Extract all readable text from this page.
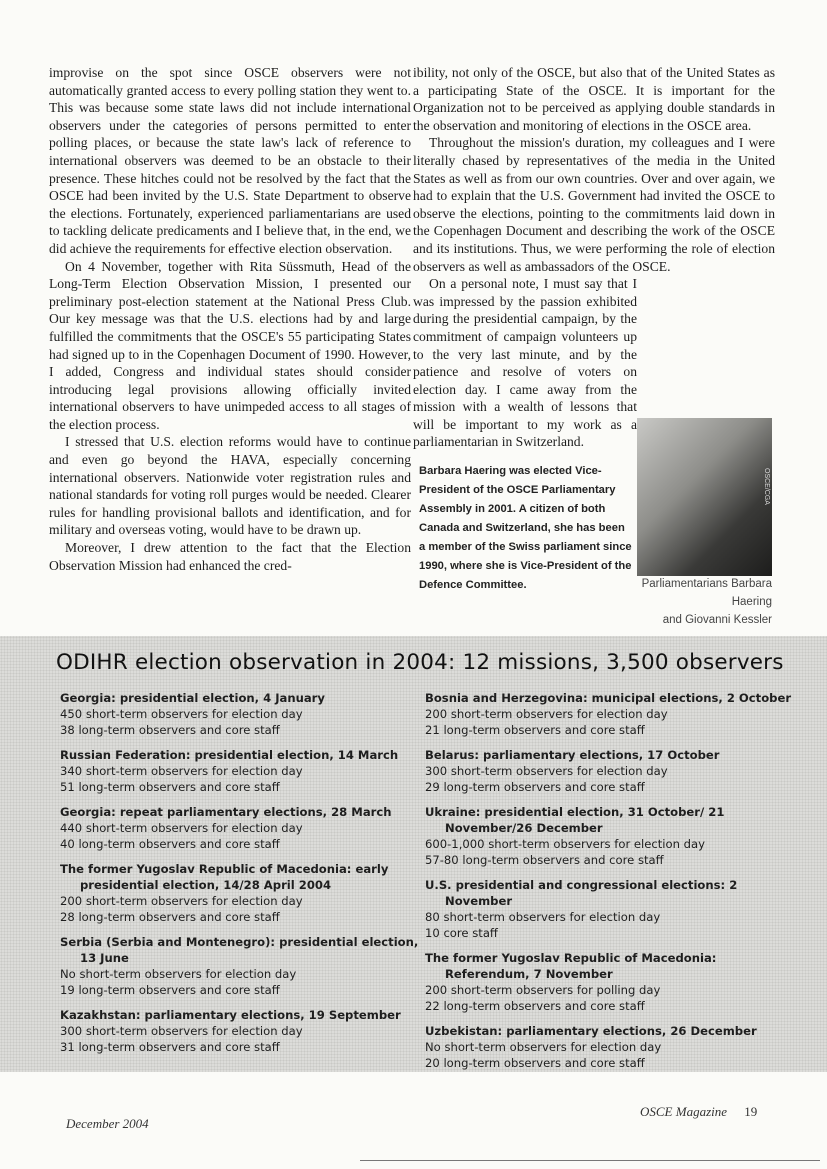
improvise on the spot since OSCE observers were not automatically granted access to every polling station they went to. This was because some state laws did not include international observers under the categories of persons permitted to enter polling places, or because the state law's lack of reference to international observers was deemed to be an obstacle to their presence. These hitches could not be resolved by the fact that the OSCE had been invited by the U.S. State Department to observe the elections. Fortunately, experienced parliamentarians are used to tackling delicate predicaments and I believe that, in the end, we did achieve the requirements for effective election observation.

On 4 November, together with Rita Süssmuth, Head of the Long-Term Election Observation Mission, I presented our preliminary post-election statement at the National Press Club. Our key message was that the U.S. elections had by and large fulfilled the commitments that the OSCE's 55 participating States had signed up to in the Copenhagen Document of 1990. However, I added, Congress and individual states should consider introducing legal provisions allowing officially invited international observers to have unimpeded access to all stages of the election process.

I stressed that U.S. election reforms would have to continue and even go beyond the HAVA, especially concerning international observers. Nationwide voter registration rules and national standards for voting roll purges would be needed. Clearer rules for handling provisional ballots and identification, and for military and overseas voting, would have to be drawn up.

Moreover, I drew attention to the fact that the Election Observation Mission had enhanced the cred-

ibility, not only of the OSCE, but also that of the United States as a participating State of the OSCE. It is important for the Organization not to be perceived as applying double standards in the observation and monitoring of elections in the OSCE area.

Throughout the mission's duration, my colleagues and I were literally chased by representatives of the media in the United States as well as from our own countries. Over and over again, we had to explain that the U.S. Government had invited the OSCE to observe the elections, pointing to the commitments laid down in the Copenhagen Document and describing the work of the OSCE and its institutions. Thus, we were performing the role of election observers as well as ambassadors of the OSCE.

On a personal note, I must say that I was impressed by the passion exhibited during the presidential campaign, by the commitment of campaign volunteers up to the very last minute, and by the patience and resolve of voters on election day. I came away from the mission with a wealth of lessons that will be important to my work as a parliamentarian in Switzerland.

Barbara Haering was elected Vice-President of the OSCE Parliamentary Assembly in 2001. A citizen of both Canada and Switzerland, she has been a member of the Swiss parliament since 1990, where she is Vice-President of the Defence Committee.
OSCE/CGA
Parliamentarians Barbara Haering
and Giovanni Kessler
ODIHR election observation in 2004: 12 missions, 3,500 observers
Georgia: presidential election, 4 January
450 short-term observers for election day
38 long-term observers and core staff
Russian Federation: presidential election, 14 March
340 short-term observers for election day
51 long-term observers and core staff
Georgia: repeat parliamentary elections, 28 March
440 short-term observers for election day
40 long-term observers and core staff
The former Yugoslav Republic of Macedonia: early presidential election, 14/28 April 2004
200 short-term observers for election day
28 long-term observers and core staff
Serbia (Serbia and Montenegro): presidential election, 13 June
No short-term observers for election day
19 long-term observers and core staff
Kazakhstan: parliamentary elections, 19 September
300 short-term observers for election day
31 long-term observers and core staff
Bosnia and Herzegovina: municipal elections, 2 October
200 short-term observers for election day
21 long-term observers and core staff
Belarus: parliamentary elections, 17 October
300 short-term observers for election day
29 long-term observers and core staff
Ukraine: presidential election, 31 October/ 21 November/26 December
600-1,000 short-term observers for election day
57-80 long-term observers and core staff
U.S. presidential and congressional elections: 2 November
80 short-term observers for election day
10 core staff
The former Yugoslav Republic of Macedonia: Referendum, 7 November
200 short-term observers for polling day
22 long-term observers and core staff
Uzbekistan: parliamentary elections, 26 December
No short-term observers for election day
20 long-term observers and core staff
December 2004
OSCE Magazine 19
